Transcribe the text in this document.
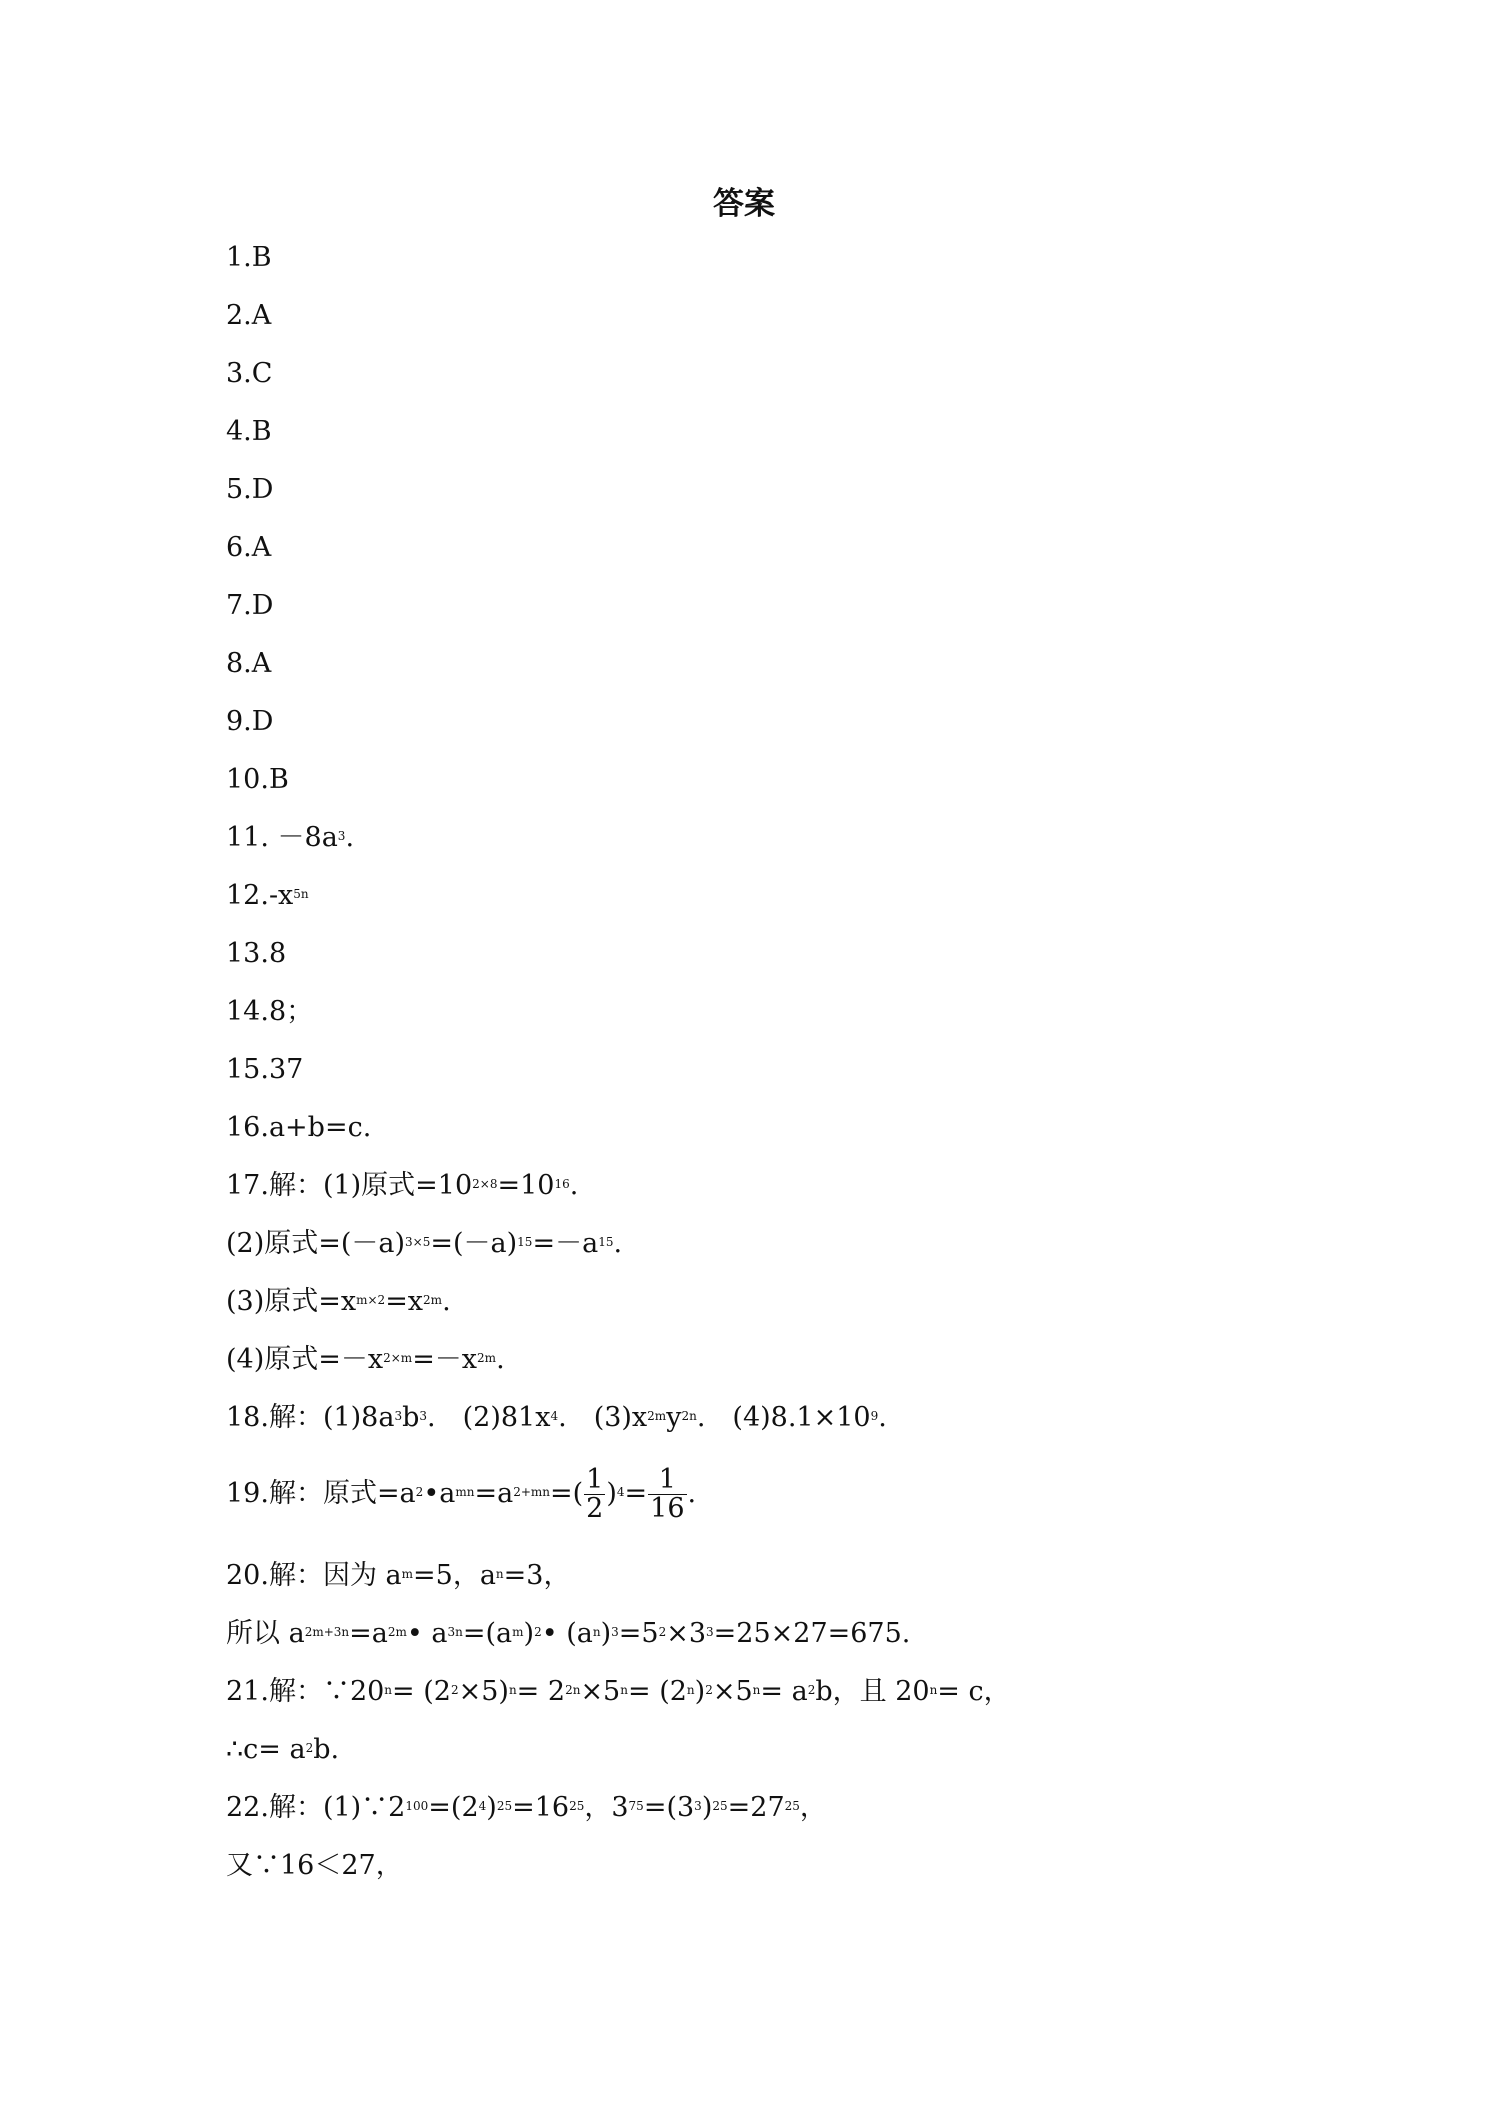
答案
1.B
2.A
3.C
4.B
5.D
6.A
7.D
8.A
9.D
10.B
11. $-8a^3$.
$12.-x^{5n}$
13.8
14.8；
15.37
16.a+b=c.
17.解：(1)原式$=10^{2\times 8}=10^{16}$.
(2)原式$=(-a)^{3\times 5}=(-a)^{15}=-a^{15}$.
(3)原式$=x^{m\times 2}=x^{2m}$.
(4)原式$=-x^{2\times m}=-x^{2m}$.
18.解：$(1)8a^3b^3$.　$(2)81x^4$.　$(3)x^{2m}y^{2n}$.　$(4)8.1\times 10^9$.
19.解：原式$=a^2•a^{mn}=a^{2+mn}=( \frac{1}{2} )^4= \frac{1}{16}$ .
20.解：因为 $a^m=5$，$a^n=3$，
所以 $a^{2m+3n}=a^{2m}•$ $a^{3n}=(a^m)^2•$ $(a^n)^3=5^2\times 3^3=25\times 27=675$.
21.解：$\because 20^n= (2^2\times 5)^n= 2^{2n}\times 5^n= (2^n)^2\times 5^n= a^2b$，且 $20^n= c$，
∴c= $a^2b$.
22.解：$(1)\because 2^{100}=(2^4)^{25}=16^{25}$，$3^{75}=(3^3)^{25}=27^{25}$，
又∵16＜27，
